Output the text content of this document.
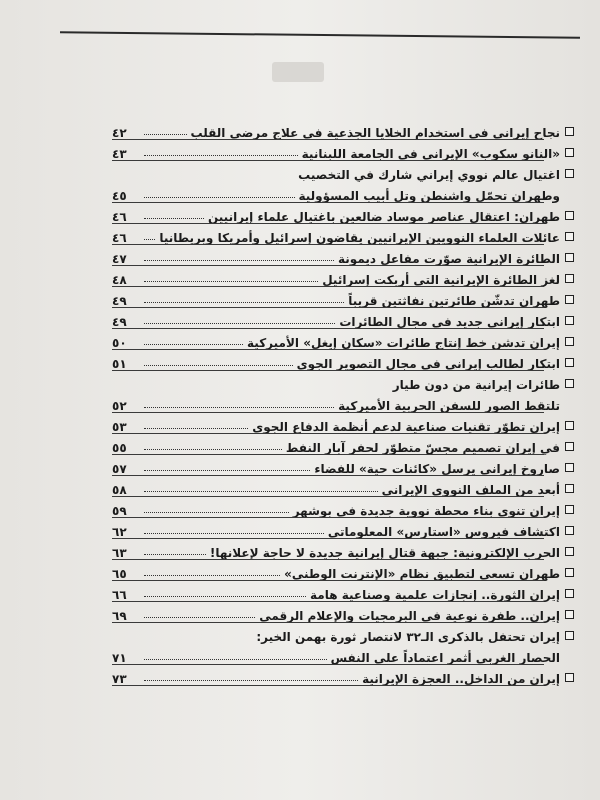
نجاح إيراني في استخدام الخلايا الجذعية في علاج مرضى القلب
٤٢
«النانو سكوب» الإيراني في الجامعة اللبنانية
٤٣
اغتيال عالم نووي إيراني شارك في التخصيب
وطهران تحمّل واشنطن وتل أبيب المسؤولية
٤٥
طهران: اعتقال عناصر موساد ضالعين باغتيال علماء إيرانيين
٤٦
عائلات العلماء النوويين الإيرانيين يقاضون إسرائيل وأمريكا وبريطانيا
٤٦
الطائرة الإيرانية صوّرت مفاعل ديمونة
٤٧
لغز الطائرة الإيرانية التي أربكت إسرائيل
٤٨
طهران تدشّن طائرتين نفاثتين قريباً
٤٩
ابتكار إيراني جديد في مجال الطائرات
٤٩
إيران تدشن خط إنتاج طائرات «سكان إيغل» الأميركية
٥٠
ابتكار لطالب إيراني في مجال التصوير الجوي
٥١
طائرات إيرانية من دون طيار
تلتقط الصور للسفن الحربية الأميركية
٥٢
إيران تطوّر تقنيات صناعية لدعم أنظمة الدفاع الجوي
٥٣
في إيران تصميم مجسّ متطوّر لحفر آبار النفط
٥٥
صاروخ إيراني يرسل «كائنات حية» للفضاء
٥٧
أبعد من الملف النووي الإيراني
٥٨
إيران تنوي بناء محطة نووية جديدة في بوشهر
٥٩
اكتشاف فيروس «استارس» المعلوماتي
٦٢
الحرب الإلكترونية: جبهة قتال إيرانية جديدة لا حاجة لإعلانها!
٦٣
طهران تسعى لتطبيق نظام «الإنترنت الوطني»
٦٥
إيران الثورة.. إنجازات علمية وصناعية هامة
٦٦
إيران.. طفرة نوعية في البرمجيات والإعلام الرقمي
٦٩
إيران تحتفل بالذكرى الـ٣٢ لانتصار ثورة بهمن الخير:
الحصار الغربي أثمر اعتماداً على النفس
٧١
إيران من الداخل.. العجزة الإيرانية
٧٣
